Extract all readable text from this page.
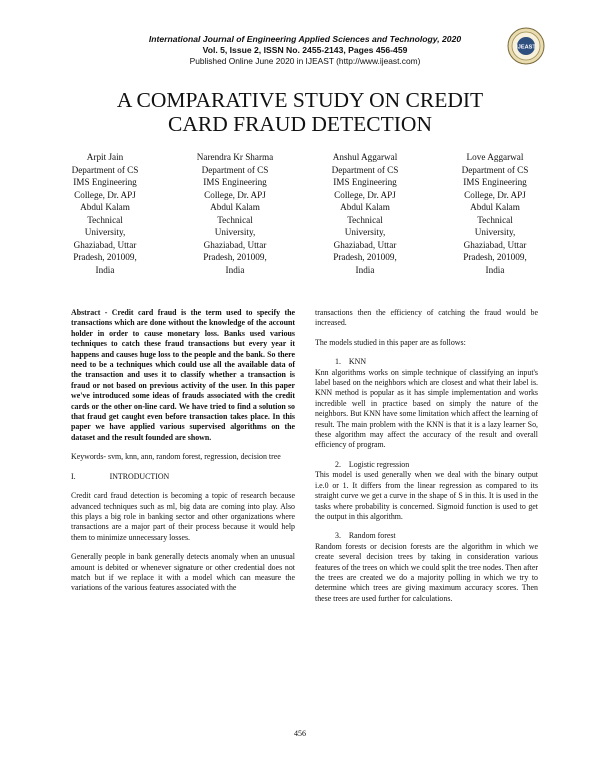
International Journal of Engineering Applied Sciences and Technology, 2020
Vol. 5, Issue 2, ISSN No. 2455-2143, Pages 456-459
Published Online June 2020 in IJEAST (http://www.ijeast.com)
IJEAST
A COMPARATIVE STUDY ON CREDIT
CARD FRAUD DETECTION
Arpit Jain
Department of CS
IMS Engineering
College, Dr. APJ
Abdul Kalam
Technical
University,
Ghaziabad, Uttar
Pradesh, 201009,
India
Narendra Kr Sharma
Department of CS
IMS Engineering
College, Dr. APJ
Abdul Kalam
Technical
University,
Ghaziabad, Uttar
Pradesh, 201009,
India
Anshul Aggarwal
Department of CS
IMS Engineering
College, Dr. APJ
Abdul Kalam
Technical
University,
Ghaziabad, Uttar
Pradesh, 201009,
India
Love Aggarwal
Department of CS
IMS Engineering
College, Dr. APJ
Abdul Kalam
Technical
University,
Ghaziabad, Uttar
Pradesh, 201009,
India

Abstract - Credit card fraud is the term used to specify the transactions which are done without the knowledge of the account holder in order to cause monetary loss. Banks used various techniques to catch these fraud transactions but every year it happens and causes huge loss to the people and the bank. So there need to be a techniques which could use all the available data of the transaction and uses it to classify whether a transaction is fraud or not based on previous activity of the user. In this paper we've introduced some ideas of frauds associated with the credit cards or the other on-line card. We have tried to find a solution so that fraud get caught even before transaction takes place. In this paper we have applied various supervised algorithms on the dataset and the result founded are shown.

Keywords- svm, knn, ann, random forest, regression, decision tree

I.	INTRODUCTION

Credit card fraud detection is becoming a topic of research because advanced techniques such as ml, big data are coming into play. Also this plays a big role in banking sector and other organizations where transactions are a major part of their process because it would help them to minimize unnecessary losses.

Generally people in bank generally detects anomaly when an unusual amount is debited or whenever signature or other credential does not match but if we replace it with a model which can measure the variations of the various features associated with the

transactions then the efficiency of catching the fraud would be increased.

The models studied in this paper are as follows:

1. KNN

Knn algorithms works on simple technique of classifying an input's label based on the neighbors which are closest and what their label is. KNN method is popular as it has simple implementation and works incredible well in practice based on simply the nature of the neighbors. But KNN have some limitation which affect the learning of result. The main problem with the KNN is that it is a lazy learner So, these algorithm may affect the accuracy of the result and overall efficiency of program.

2. Logistic regression

This model is used generally when we deal with the binary output i.e.0 or 1. It differs from the linear regression as compared to its straight curve we get a curve in the shape of S in this. It is used in the tasks where probability is concerned. Sigmoid function is used to get the output in this algorithm.

3. Random forest

Random forests or decision forests are the algorithm in which we create several decision trees by taking in consideration various features of the trees on which we could split the tree nodes. Then after the trees are created we do a majority polling in which we try to determine which trees are giving maximum accuracy scores. Then these trees are used further for calculations.

456
